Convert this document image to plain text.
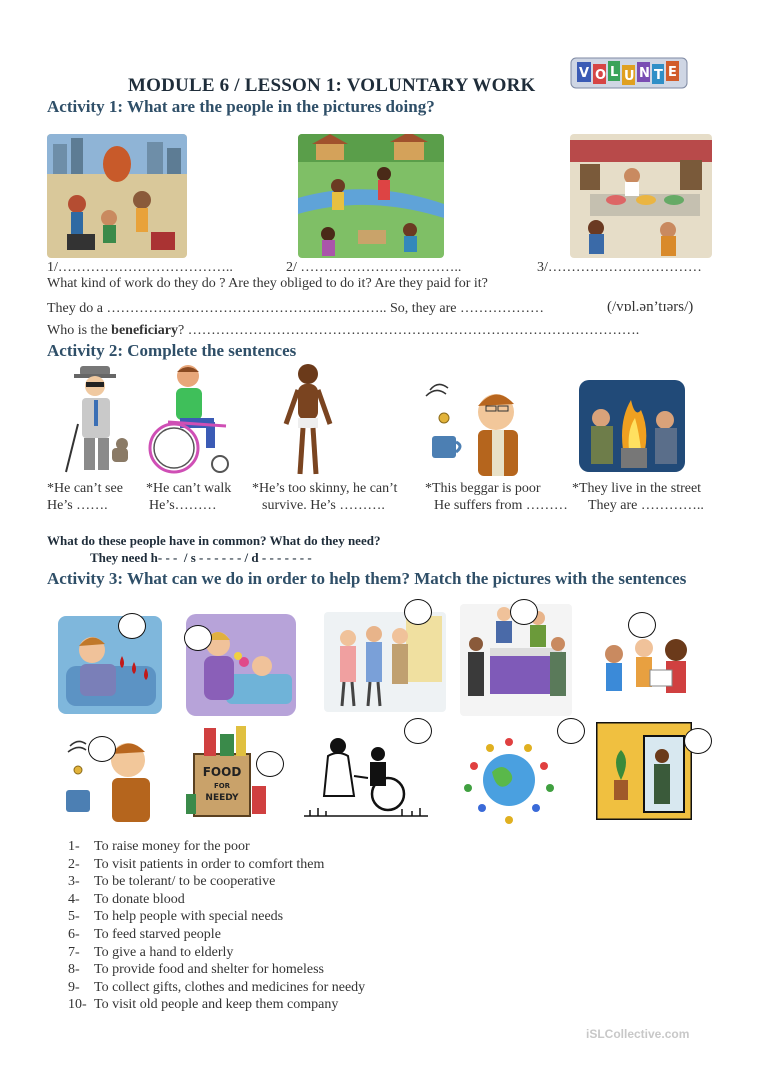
MODULE 6 / LESSON 1: VOLUNTARY WORK
V O L U N T E
Activity 1: What are the people in the pictures doing?
1/………………………………..	2/ ……………………………..	3/……………………………
What kind of work do they do ? Are they obliged to do it? Are they paid for it?
They do a ………………………………………..………….. So, they are ………………	(/vɒl.ən’tɪərs/)
Who is the beneficiary? …………………………………………………………………………………….
Activity 2: Complete the sentences
*He can’t see
He’s …….
*He can’t walk
He’s………
*He’s too skinny, he can’t
survive. He’s ……….
*This beggar is poor
He suffers from ………
*They live in the street
They are …………..
What do these people have in common? What do they need?
They need h- - -  / s - - - - - - / d - - - - - - -
Activity 3: What can we do in order to help them? Match the pictures with the sentences
FOOD
FOR
NEEDY
1- To raise money for the poor
2- To visit patients in order to comfort them
3- To be tolerant/ to be cooperative
4- To donate blood
5- To help people with special needs
6- To feed starved people
7- To give a hand to elderly
8- To provide food and shelter for homeless
9- To collect gifts, clothes and medicines for needy
10- To visit old people and keep them company
iSLCollective.com
